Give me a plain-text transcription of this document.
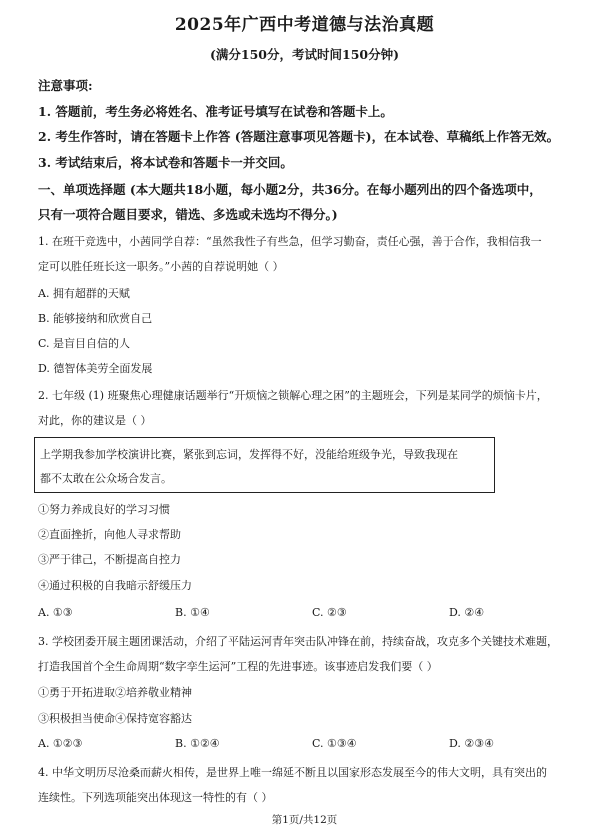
2025年广西中考道德与法治真题
(满分150分，考试时间150分钟)
注意事项:
1. 答题前，考生务必将姓名、准考证号填写在试卷和答题卡上。
2. 考生作答时，请在答题卡上作答 (答题注意事项见答题卡)，在本试卷、草稿纸上作答无效。
3. 考试结束后，将本试卷和答题卡一并交回。
一、单项选择题 (本大题共18小题，每小题2分，共36分。在每小题列出的四个备选项中，
只有一项符合题目要求，错选、多选或未选均不得分。)
1. 在班干竞选中，小茜同学自荐：“虽然我性子有些急，但学习勤奋，责任心强，善于合作，我相信我一
定可以胜任班长这一职务。”小茜的自荐说明她（ ）
A. 拥有超群的天赋
B. 能够接纳和欣赏自己
C. 是盲目自信的人
D. 德智体美劳全面发展
2. 七年级 (1) 班聚焦心理健康话题举行“开烦恼之锁解心理之困”的主题班会，下列是某同学的烦恼卡片，
对此，你的建议是（ ）
上学期我参加学校演讲比赛，紧张到忘词，发挥得不好，没能给班级争光，导致我现在
都不太敢在公众场合发言。
①努力养成良好的学习习惯
②直面挫折，向他人寻求帮助
③严于律己，不断提高自控力
④通过积极的自我暗示舒缓压力
A. ①③	B. ①④	C. ②③	D. ②④
3. 学校团委开展主题团课活动，介绍了平陆运河青年突击队冲锋在前，持续奋战，攻克多个关键技术难题，
打造我国首个全生命周期“数字孪生运河”工程的先进事迹。该事迹启发我们要（ ）
①勇于开拓进取②培养敬业精神
③积极担当使命④保持宽容豁达
A. ①②③	B. ①②④	C. ①③④	D. ②③④
4. 中华文明历尽沧桑而薪火相传，是世界上唯一绵延不断且以国家形态发展至今的伟大文明，具有突出的
连续性。下列选项能突出体现这一特性的有（ ）
第1页/共12页
